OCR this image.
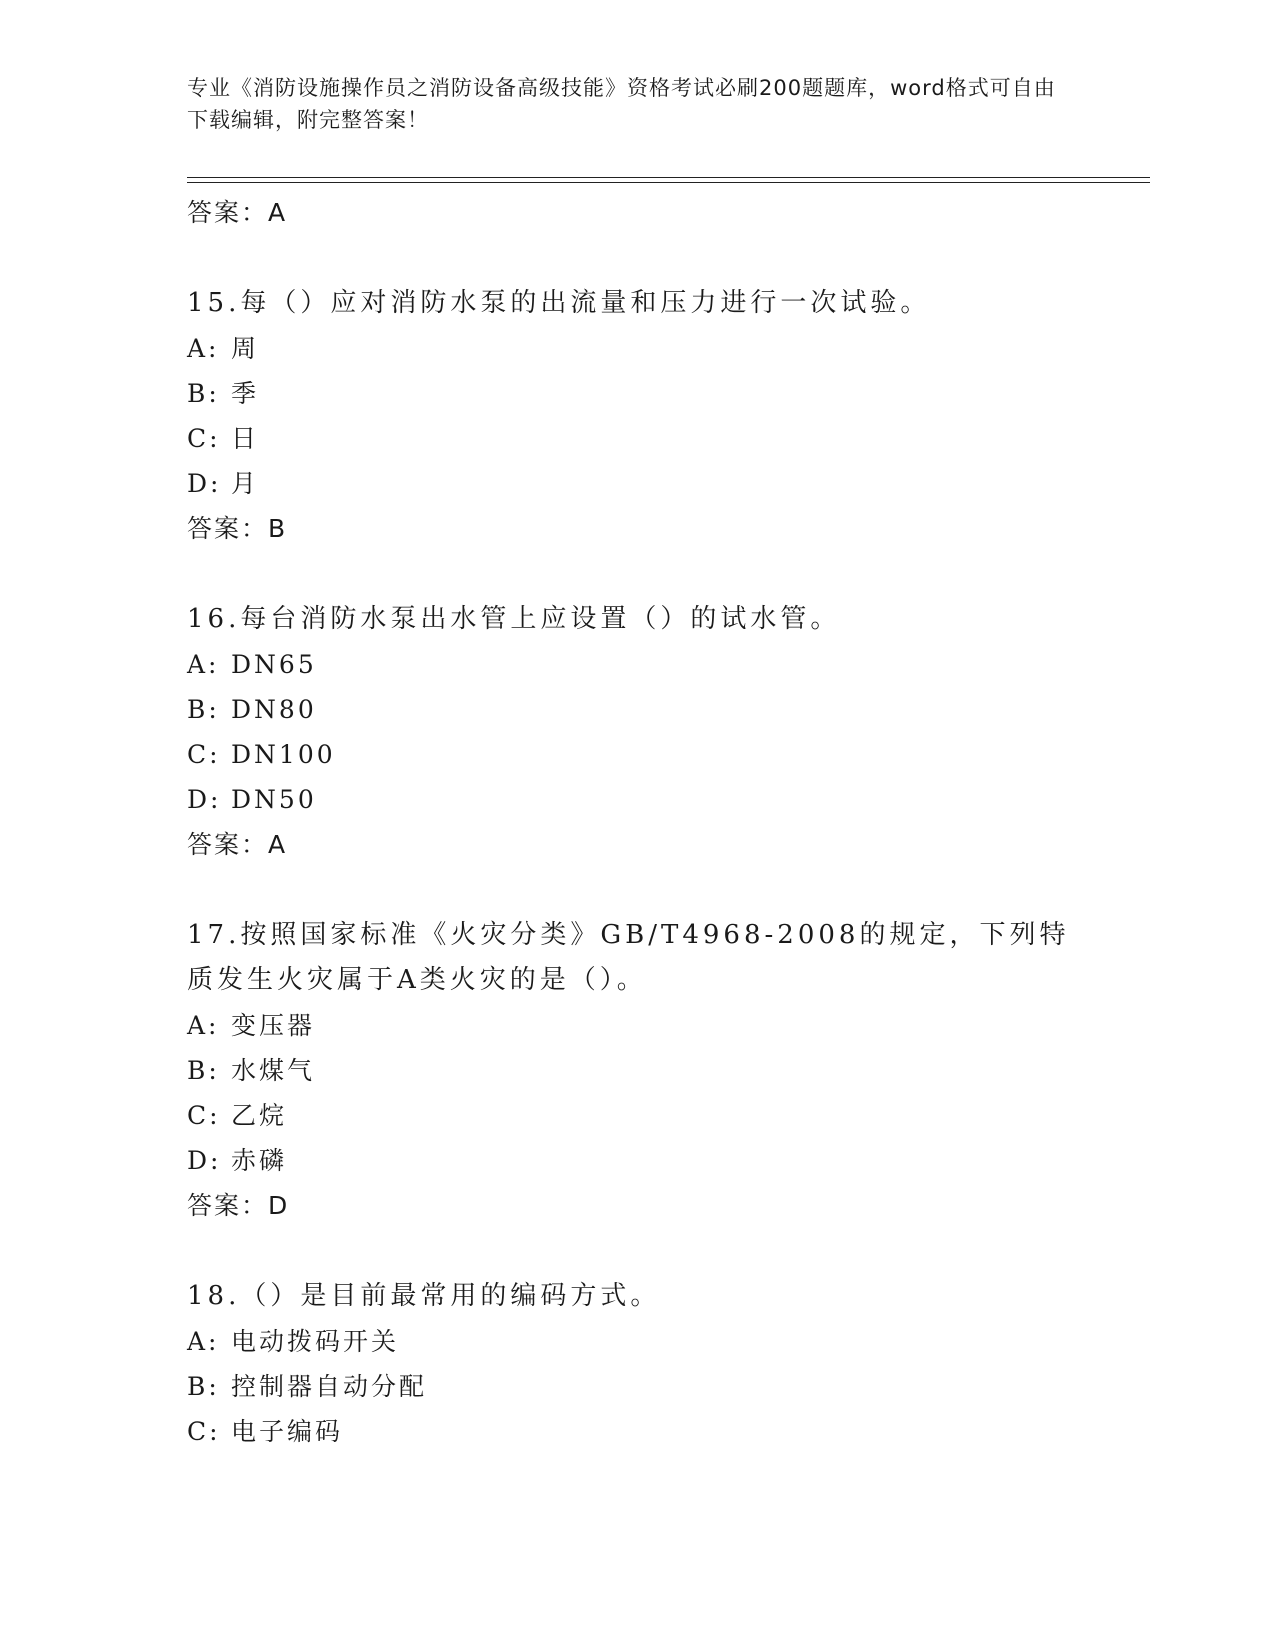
专业《消防设施操作员之消防设备高级技能》资格考试必刷200题题库，word格式可自由下载编辑，附完整答案！
答案：A
15.每（）应对消防水泵的出流量和压力进行一次试验。
A: 周
B: 季
C: 日
D: 月
答案：B
16.每台消防水泵出水管上应设置（）的试水管。
A: DN65
B: DN80
C: DN100
D: DN50
答案：A
17.按照国家标准《火灾分类》GB/T4968-2008的规定，下列特质发生火灾属于A类火灾的是（）。
A: 变压器
B: 水煤气
C: 乙烷
D: 赤磷
答案：D
18.（）是目前最常用的编码方式。
A: 电动拨码开关
B: 控制器自动分配
C: 电子编码
